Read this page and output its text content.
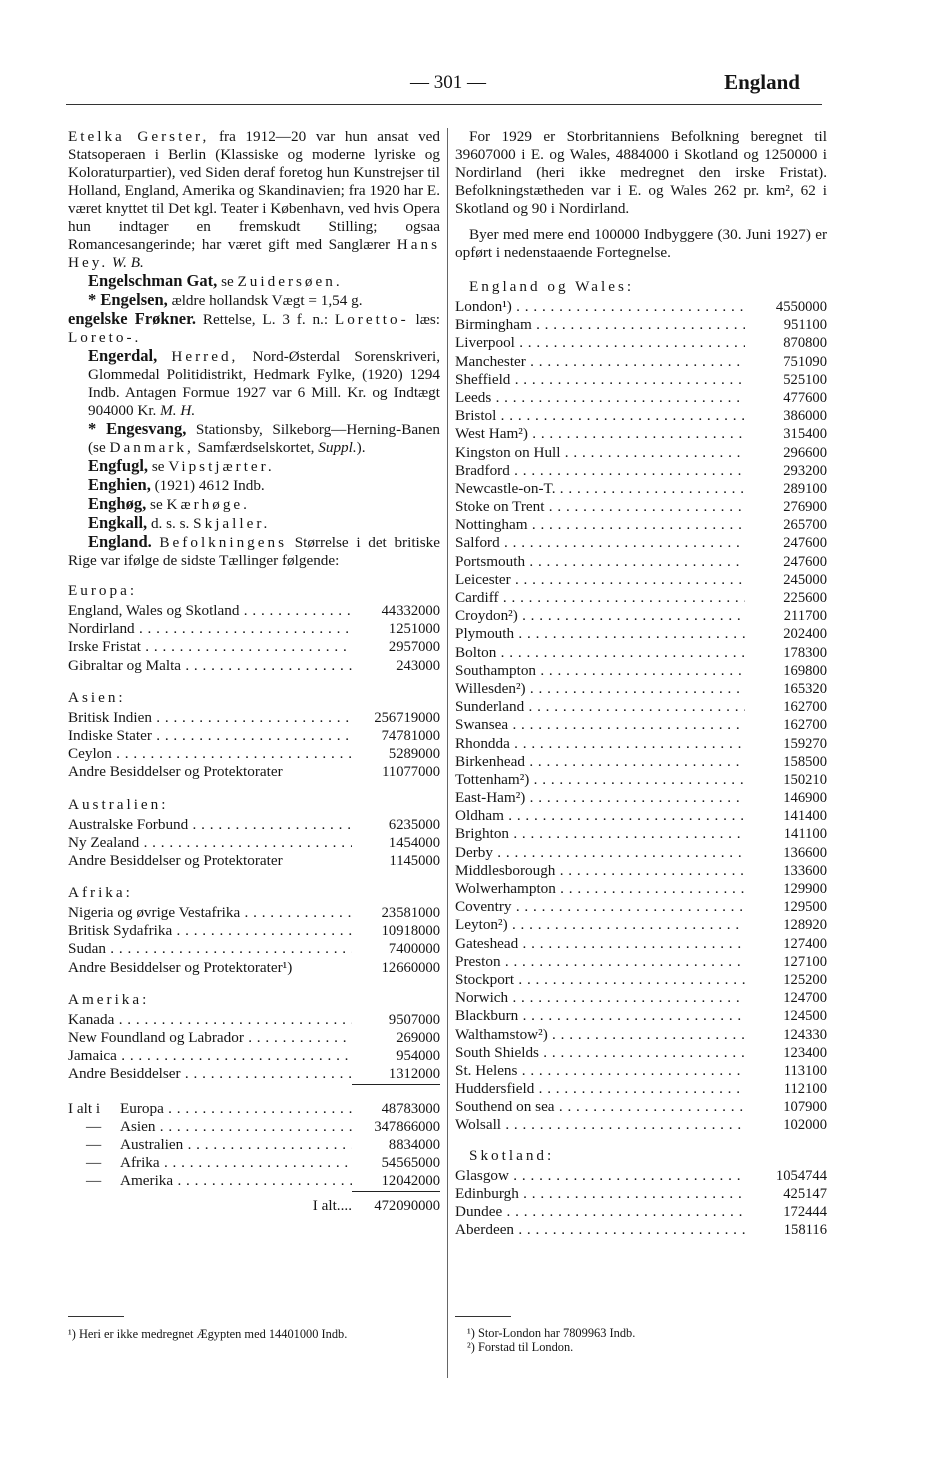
— 301 —	England

Etelka Gerster, fra 1912—20 var hun ansat ved Statsoperaen i Berlin (Klassiske og moderne lyriske og Koloraturpartier), ved Siden deraf foretog hun Kunstrejser til Holland, England, Amerika og Skandinavien; fra 1920 har E. været knyttet til Det kgl. Teater i København, ved hvis Opera hun indtager en fremskudt Stilling; ogsaa Romancesangerinde; har været gift med Sanglærer Hans Hey. W. B.

Engelschman Gat, se Zuidersøen.

* Engelsen, ældre hollandsk Vægt = 1,54 g.

engelske Frøkner. Rettelse, L. 3 f. n.: Loretto- læs: Loreto-.

Engerdal, Herred, Nord-Østerdal Sorenskriveri, Glommedal Politidistrikt, Hedmark Fylke, (1920) 1294 Indb. Antagen Formue 1927 var 6 Mill. Kr. og Indtægt 904000 Kr. M. H.

* Engesvang, Stationsby, Silkeborg—Herning-Banen (se Danmark, Samfærdselskortet, Suppl.).

Engfugl, se Vipstjærter.

Enghien, (1921) 4612 Indb.

Enghøg, se Kærhøge.

Engkall, d. s. s. Skjaller.

England. Befolkningens Størrelse i det britiske Rige var ifølge de sidste Tællinger følgende:

Europa:
England, Wales og Skotland . . .	44332000
Nordirland . . .	1251000
Irske Fristat . . .	2957000
Gibraltar og Malta . . .	243000
Asien:
Britisk Indien . . .	256719000
Indiske Stater . . .	74781000
Ceylon . . .	5289000
Andre Besiddelser og Protektorater	11077000
Australien:
Australske Forbund . . .	6235000
Ny Zealand . . .	1454000
Andre Besiddelser og Protektorater	1145000
Afrika:
Nigeria og øvrige Vestafrika . . .	23581000
Britisk Sydafrika . . .	10918000
Sudan . . .	7400000
Andre Besiddelser og Protektorater¹)	12660000
Amerika:
Kanada . . .	9507000
New Foundland og Labrador . . .	269000
Jamaica . . .	954000
Andre Besiddelser . . .	1312000
I alt i Europa . . .	48783000
— Asien . . .	347866000
— Australien . . .	8834000
— Afrika . . .	54565000
— Amerika . . .	12042000
I alt....	472090000

For 1929 er Storbritanniens Befolkning beregnet til 39607000 i E. og Wales, 4884000 i Skotland og 1250000 i Nordirland (heri ikke medregnet den irske Fristat). Befolkningstætheden var i E. og Wales 262 pr. km², 62 i Skotland og 90 i Nordirland.

Byer med mere end 100000 Indbyggere (30. Juni 1927) er opført i nedenstaaende Fortegnelse.

England og Wales:
London¹) . . .	4550000
Birmingham . . .	951100
Liverpool . . .	870800
Manchester . . .	751090
Sheffield . . .	525100
Leeds . . .	477600
Bristol . . .	386000
West Ham²) . . .	315400
Kingston on Hull . . .	296600
Bradford . . .	293200
Newcastle-on-T. . . .	289100
Stoke on Trent . . .	276900
Nottingham . . .	265700
Salford . . .	247600
Portsmouth . . .	247600
Leicester . . .	245000
Cardiff . . .	225600
Croydon²) . . .	211700
Plymouth . . .	202400
Bolton . . .	178300
Southampton . . .	169800
Willesden²) . . .	165320
Sunderland . . .	162700
Swansea . . .	162700
Rhondda . . .	159270
Birkenhead . . .	158500
Tottenham²) . . .	150210
East-Ham²) . . .	146900
Oldham . . .	141400
Brighton . . .	141100
Derby . . .	136600
Middlesborough . . .	133600
Wolwerhampton . . .	129900
Coventry . . .	129500
Leyton²) . . .	128920
Gateshead . . .	127400
Preston . . .	127100
Stockport . . .	125200
Norwich . . .	124700
Blackburn . . .	124500
Walthamstow²) . . .	124330
South Shields . . .	123400
St. Helens . . .	113100
Huddersfield . . .	112100
Southend on sea . . .	107900
Wolsall . . .	102000
Skotland:
Glasgow . . .	1054744
Edinburgh . . .	425147
Dundee . . .	172444
Aberdeen . . .	158116
¹) Heri er ikke medregnet Ægypten med 14401000 Indb.	¹) Stor-London har 7809963 Indb.
²) Forstad til London.
